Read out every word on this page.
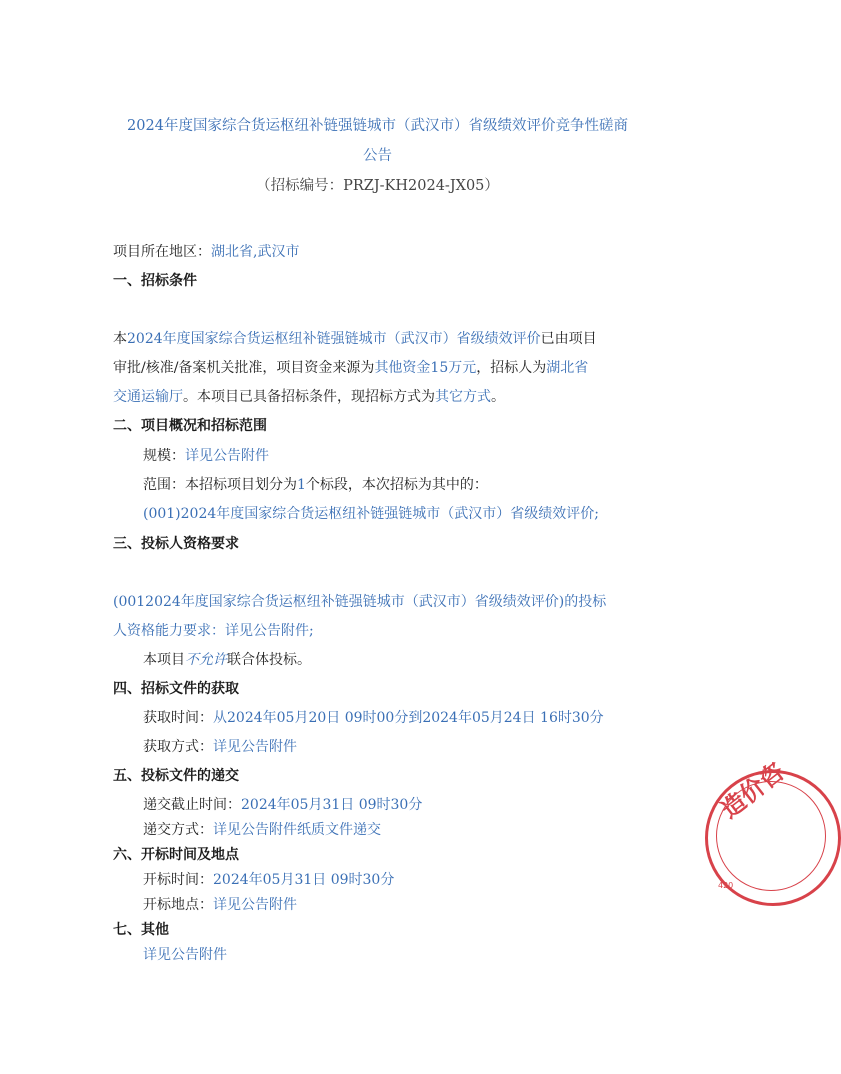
2024年度国家综合货运枢纽补链强链城市（武汉市）省级绩效评价竞争性磋商
公告
（招标编号：PRZJ-KH2024-JX05）
项目所在地区：湖北省,武汉市
一、招标条件
本2024年度国家综合货运枢纽补链强链城市（武汉市）省级绩效评价已由项目
审批/核准/备案机关批准，项目资金来源为其他资金15万元，招标人为湖北省
交通运输厅。本项目已具备招标条件，现招标方式为其它方式。
二、项目概况和招标范围
规模：详见公告附件
范围：本招标项目划分为1个标段，本次招标为其中的：
(001)2024年度国家综合货运枢纽补链强链城市（武汉市）省级绩效评价;
三、投标人资格要求
(0012024年度国家综合货运枢纽补链强链城市（武汉市）省级绩效评价)的投标
人资格能力要求：详见公告附件;
本项目不允许联合体投标。
四、招标文件的获取
获取时间：从2024年05月20日 09时00分到2024年05月24日 16时30分
获取方式：详见公告附件
五、投标文件的递交
递交截止时间：2024年05月31日 09时30分
递交方式：详见公告附件纸质文件递交
六、开标时间及地点
开标时间：2024年05月31日 09时30分
开标地点：详见公告附件
七、其他
详见公告附件
造价咨
420
